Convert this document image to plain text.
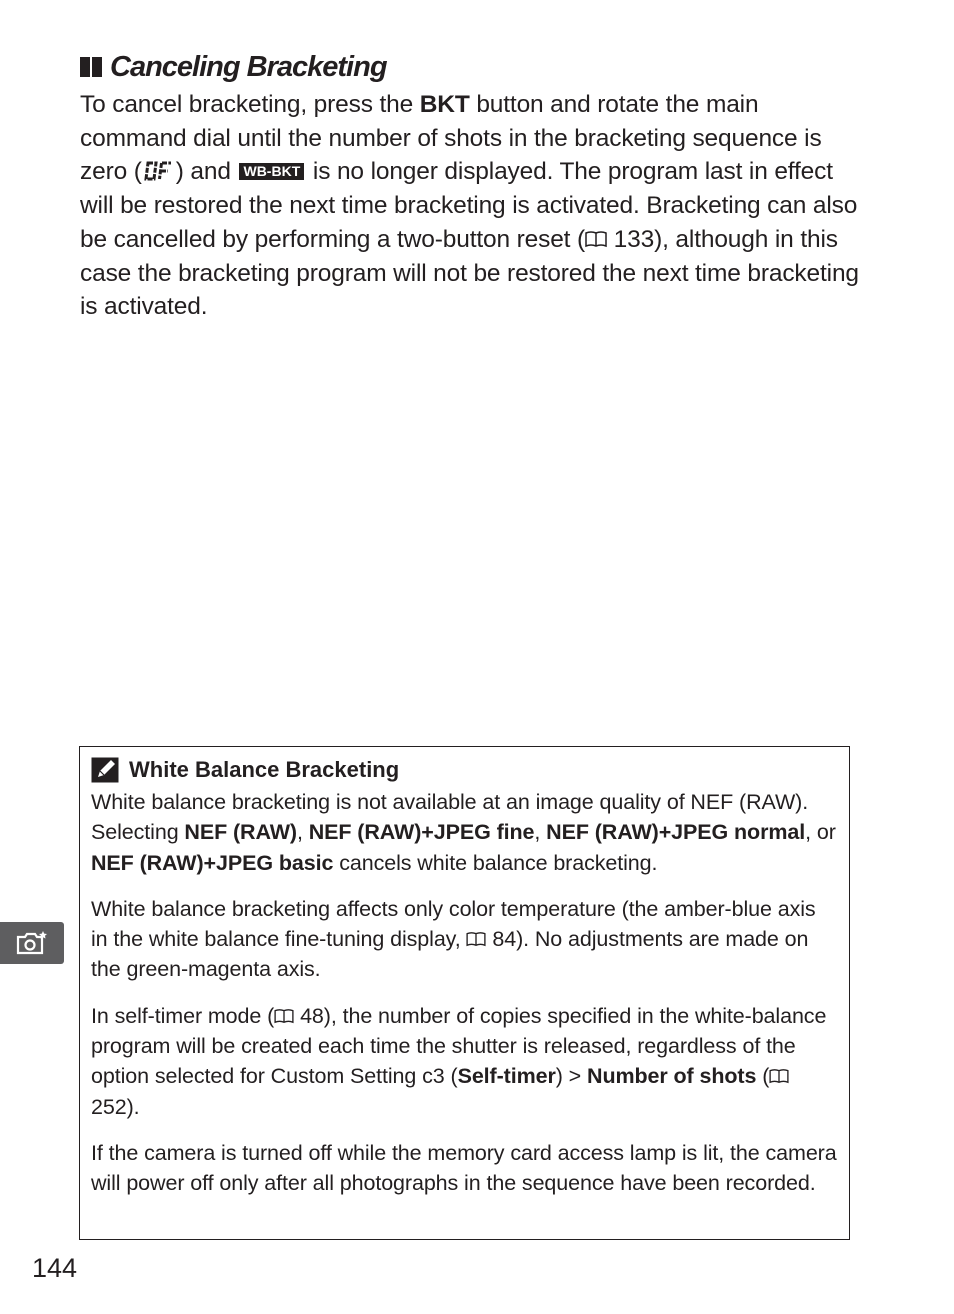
Canceling Bracketing

To cancel bracketing, press the BKT button and rotate the main command dial until the number of shots in the bracketing sequence is zero ( ) and WB-BKT is no longer displayed. The program last in effect will be restored the next time bracketing is activated. Bracketing can also be cancelled by performing a two-button reset ( 133), although in this case the bracketing program will not be restored the next time bracketing is activated.

White Balance Bracketing

White balance bracketing is not available at an image quality of NEF (RAW). Selecting NEF (RAW), NEF (RAW)+JPEG fine, NEF (RAW)+JPEG normal, or NEF (RAW)+JPEG basic cancels white balance bracketing.

White balance bracketing affects only color temperature (the amber-blue axis in the white balance fine-tuning display,  84). No adjustments are made on the green-magenta axis.

In self-timer mode ( 48), the number of copies specified in the white-balance program will be created each time the shutter is released, regardless of the option selected for Custom Setting c3 (Self-timer) > Number of shots ( 252).

If the camera is turned off while the memory card access lamp is lit, the camera will power off only after all photographs in the sequence have been recorded.

144
